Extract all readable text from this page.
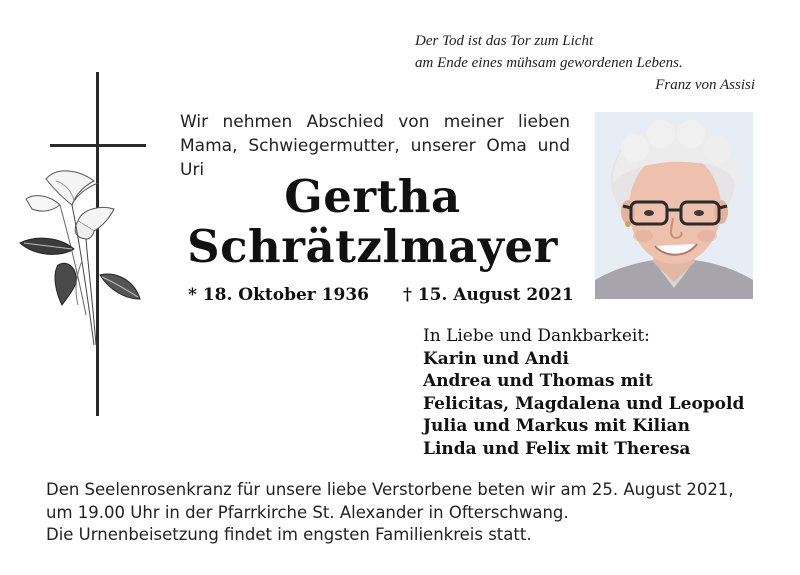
Der Tod ist das Tor zum Licht
am Ende eines mühsam gewordenen Lebens.
Franz von Assisi
Wir nehmen Abschied von meiner lieben
Mama, Schwiegermutter, unserer Oma und Uri	Gertha
Schrätzlmayer
* 18. Oktober 1936 † 15. August 2021
In Liebe und Dankbarkeit:
Karin und Andi
Andrea und Thomas mit
Felicitas, Magdalena und Leopold
Julia und Markus mit Kilian
Linda und Felix mit Theresa
Den Seelenrosenkranz für unsere liebe Verstorbene beten wir am 25. August 2021,
um 19.00 Uhr in der Pfarrkirche St. Alexander in Ofterschwang.
Die Urnenbeisetzung findet im engsten Familienkreis statt.
